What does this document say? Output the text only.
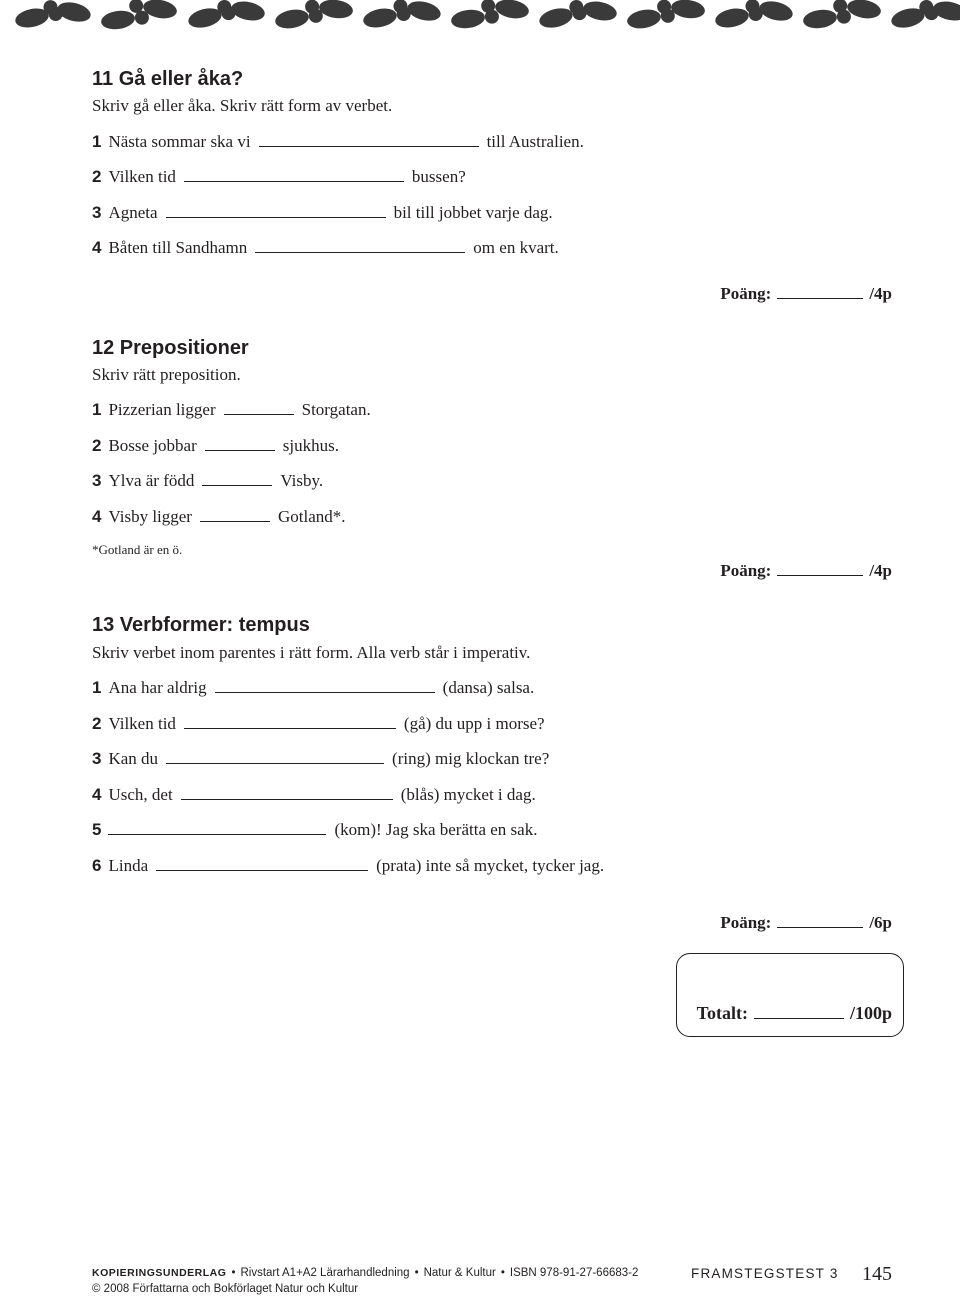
11 Gå eller åka?
Skriv gå eller åka. Skriv rätt form av verbet.
1 Nästa sommar ska vi	till Australien.
2 Vilken tid	bussen?
3 Agneta	bil till jobbet varje dag.
4 Båten till Sandhamn	om en kvart.
Poäng:	/4p
12 Prepositioner
Skriv rätt preposition.
1 Pizzerian ligger	Storgatan.
2 Bosse jobbar	sjukhus.
3 Ylva är född	Visby.
4 Visby ligger	Gotland*.
*Gotland är en ö.
Poäng:	/4p
13 Verbformer: tempus
Skriv verbet inom parentes i rätt form. Alla verb står i imperativ.
1 Ana har aldrig	(dansa) salsa.
2 Vilken tid	(gå) du upp i morse?
3 Kan du	(ring) mig klockan tre?
4 Usch, det	(blås) mycket i dag.
5	(kom)! Jag ska berätta en sak.
6 Linda	(prata) inte så mycket, tycker jag.
Poäng:	/6p
Totalt:	/100p
KOPIERINGSUNDERLAG • Rivstart A1+A2 Lärarhandledning • Natur & Kultur • ISBN 978-91-27-66683-2
© 2008 Författarna och Bokförlaget Natur och Kultur
FRAMSTEGSTEST 3 145
